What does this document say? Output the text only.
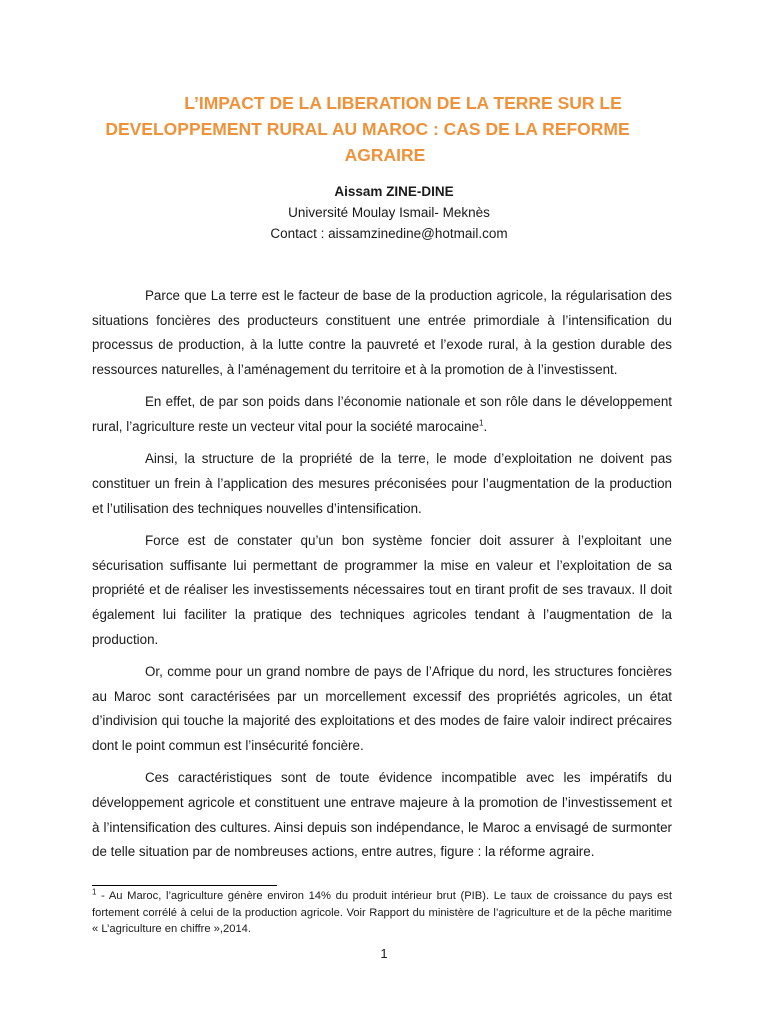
L’IMPACT DE LA LIBERATION DE LA TERRE SUR LE
DEVELOPPEMENT RURAL AU MAROC : CAS DE LA REFORME
AGRAIRE
Aissam ZINE-DINE
Université Moulay Ismail- Meknès
Contact : aissamzinedine@hotmail.com

Parce que La terre est le facteur de base de la production agricole, la régularisation des situations foncières des producteurs constituent une entrée primordiale à l’intensification du processus de production, à la lutte contre la pauvreté et l’exode rural, à la gestion durable des ressources naturelles, à l’aménagement du territoire et à la promotion de à l’investissent.

En effet, de par son poids dans l’économie nationale et son rôle dans le développement rural, l’agriculture reste un vecteur vital pour la société marocaine$^1$.

Ainsi, la structure de la propriété de la terre, le mode d’exploitation ne doivent pas constituer un frein à l’application des mesures préconisées pour l’augmentation de la production et l’utilisation des techniques nouvelles d’intensification.

Force est de constater qu’un bon système foncier doit assurer à l’exploitant une sécurisation suffisante lui permettant de programmer la mise en valeur et l’exploitation de sa propriété et de réaliser les investissements nécessaires tout en tirant profit de ses travaux. Il doit également lui faciliter la pratique des techniques agricoles tendant à l’augmentation de la production.

Or, comme pour un grand nombre de pays de l’Afrique du nord, les structures foncières au Maroc sont caractérisées par un morcellement excessif des propriétés agricoles, un état d’indivision qui touche la majorité des exploitations et des modes de faire valoir indirect précaires dont le point commun est l’insécurité foncière.

Ces caractéristiques sont de toute évidence incompatible avec les impératifs du développement agricole et constituent une entrave majeure à la promotion de l’investissement et à l’intensification des cultures. Ainsi depuis son indépendance, le Maroc a envisagé de surmonter de telle situation par de nombreuses actions, entre autres, figure : la réforme agraire.

$^1$ - Au Maroc, l’agriculture génère environ 14% du produit intérieur brut (PIB). Le taux de croissance du pays est fortement corrélé à celui de la production agricole. Voir Rapport du ministère de l’agriculture et de la pêche maritime « L’agriculture en chiffre »,2014.
1
